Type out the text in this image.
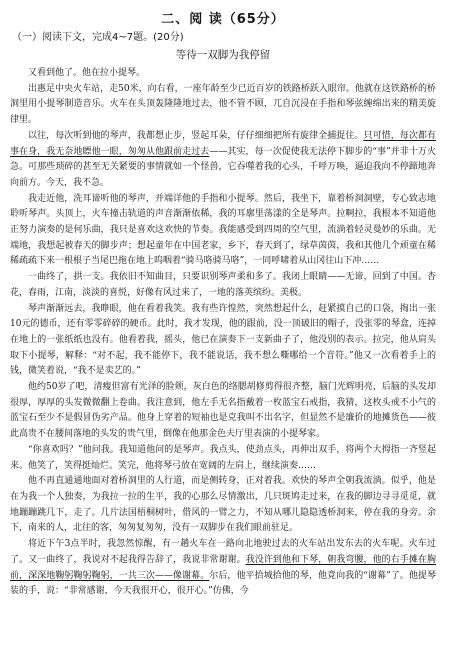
二、阅 读（65分）
（一）阅读下文，完成4~7题。(20分)
等待一双脚为我停留

又看到他了。他在拉小提琴。

出惠足中央火车站，走50米，向右看，一座年龄至少已近百岁的铁路桥跃入眼帘。他就在这铁路桥的桥洞里用小提琴制造音乐。火车在头顶轰隆隆地过去，他不管不顾，兀自沉浸在手指和琴弦缠绵出来的精美旋律里。

以往，每次听到他的琴声，我都想止步，竖起耳朵，仔仔细细把所有旋律全捕捉住。只可惜，每次都有事在身，我无奈地瞟他一眼，匆匆从他跟前走过去——其实，每一次促使我无法停下脚步的“事”并非十万火急。可那些琐碎的甚至无关紧要的事情就如一个怪兽，它吞噬着我的心头，千呼万唤，逼迫我向不停蹄地奔向前方。今天，我不急。

我走近他，洗耳谛听他的琴声，并端详他的手指和小提琴。然后，我坐下，靠着桥洞洞壁，专心致志地聆听琴声。头顶上，火车撞击轨道的声音渐渐依稀，我的耳廓里荡漾的全是琴声。拉啊拉，我根本不知道他正努力演奏的是何乐曲，我只是喜欢这欢快的节奏。我能感受到四周的空气里，流淌着轻灵曼妙的乐曲。无端地，我想起被春天的脚步声；想起童年在中国老家，乡下，春天到了，绿草茵茵，我和其他几个顽童在稀稀疏疏下来一根根子当尾巴拖在地上呜咽着“骑马咯骑马咯”，一同呼啸着从山冈往山下冲……

一曲终了，拱一支。我依旧不知曲目，只要识别琴声柔和多了。我闭上眼睛——无谛，回到了中国。杏花，春雨，江南，淡淡的喜悦，好像有风过来了，一地的落英缤纷。美极。

琴声渐渐远去，我睁眼，他在看着我笑。我有些许惶然，突然想起什么，赶紧摸自己的口袋，掏出一张10元的德币，还有零零碎碎的硬币。此时，我才发现，他的跟前，没一顶破旧的帽子，没张零的琴盒，连掉在地上的一张纸纸也没有。他看着我，摇头，他已在演奏下一支新曲子了，他没别的表示。拉完，他从肩头取下小提琴，解释：“对不起，我不能停下，我不能说话，我不想么嘶哪给一个音符。”他又一次看着手上的钱，微笑着说，“我不是卖艺的。”

他约50岁了吧，清瘦但富有光泽的脸颊，灰白色的络腮胡修剪得很齐整，脑门光辉明亮，后脑的头发却很厚，厚厚的头发微微翻上卷曲。我注意到，他左手无名指戴着一枚蓝宝石戒指，我猜，这枚头戒不小气的蓝宝石至少不是假冒伪劣产品。他身上穿着的短袖也是克我叫不出名字，但显然不是廉价的地摊货色——彼此高贵不在腰间落地的头发的贵气里，倒像在他那金色夫厅里表演的小提琴家。

“你喜欢吗？”他问我。我知道他问的是琴声。我点头，使劲点头，再伸出双手，将两个大拇指一齐竖起来。他笑了，笑得挺灿烂。笑完，他将琴弓放在宽阔的左肩上，继续演奏……

他不再直通通地面对着桥洞里的人行道，而是侧转身，正对着我。欢快的琴声全朝我流淌。似乎，他是在为我一个人独奏，为我拉一拉的生平，我的心那么尽情激出，几只斑鸠走过来，在我的脚边寻寻觅觅，就地蹦蹦跳几下，走了。几片法国梧桐树叶，借风的一臂之力，不知从哪儿隐隐透桥洞来，停在我的身旁。余下，南来的人，北往的客，匆匆复匆匆，没有一双脚步在我们眼前驻足。

将近下午3点半时，我忽然惊醒，有一趟火车在一路向北地驶过去的火车站出发东去的火车呢。火车过了。又一曲终了，我说对不起我得告辞了，我说非常谢谢。我没许到他和下琴，朝我弯腰，他的右手摊在胸前，深深地鞠躬鞠躬鞠躬，一共三次——像谢幕。尔后，他平拾城拾他的琴，他竟向我的“谢幕”了。他提琴装的手，说：“非常感谢，今天我很开心，很开心。”仿佛，今
